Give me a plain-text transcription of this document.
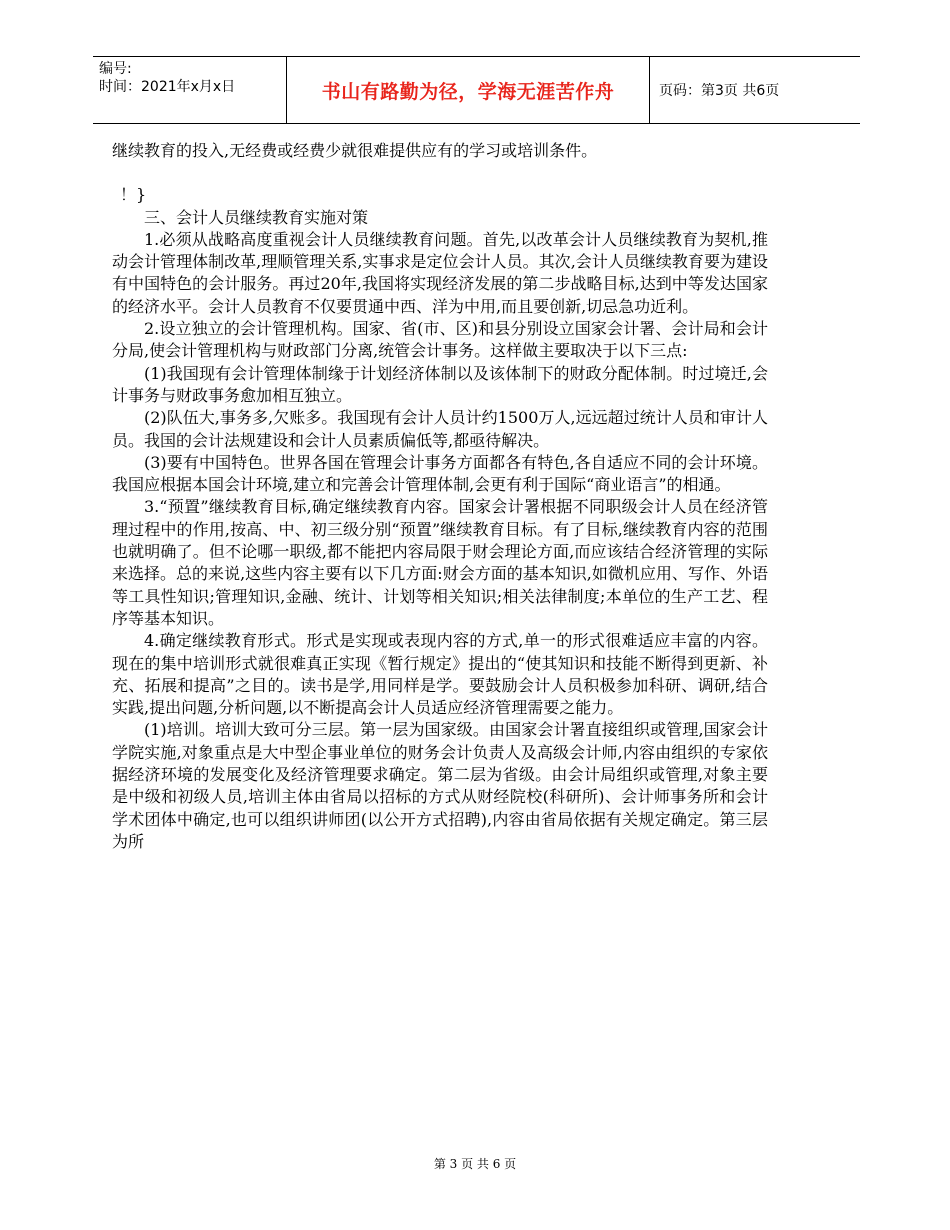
编号:
时间：2021年x月x日	书山有路勤为径，学海无涯苦作舟	页码：第3页 共6页

继续教育的投入,无经费或经费少就很难提供应有的学习或培训条件。

！}

三、会计人员继续教育实施对策

1.必须从战略高度重视会计人员继续教育问题。首先,以改革会计人员继续教育为契机,推动会计管理体制改革,理顺管理关系,实事求是定位会计人员。其次,会计人员继续教育要为建设有中国特色的会计服务。再过20年,我国将实现经济发展的第二步战略目标,达到中等发达国家的经济水平。会计人员教育不仅要贯通中西、洋为中用,而且要创新,切忌急功近利。

2.设立独立的会计管理机构。国家、省(市、区)和县分别设立国家会计署、会计局和会计分局,使会计管理机构与财政部门分离,统管会计事务。这样做主要取决于以下三点:

(1)我国现有会计管理体制缘于计划经济体制以及该体制下的财政分配体制。时过境迁,会计事务与财政事务愈加相互独立。

(2)队伍大,事务多,欠账多。我国现有会计人员计约1500万人,远远超过统计人员和审计人员。我国的会计法规建设和会计人员素质偏低等,都亟待解决。

(3)要有中国特色。世界各国在管理会计事务方面都各有特色,各自适应不同的会计环境。我国应根据本国会计环境,建立和完善会计管理体制,会更有利于国际“商业语言”的相通。

3.“预置”继续教育目标,确定继续教育内容。国家会计署根据不同职级会计人员在经济管理过程中的作用,按高、中、初三级分别“预置”继续教育目标。有了目标,继续教育内容的范围也就明确了。但不论哪一职级,都不能把内容局限于财会理论方面,而应该结合经济管理的实际来选择。总的来说,这些内容主要有以下几方面:财会方面的基本知识,如微机应用、写作、外语等工具性知识;管理知识,金融、统计、计划等相关知识;相关法律制度;本单位的生产工艺、程序等基本知识。

4.确定继续教育形式。形式是实现或表现内容的方式,单一的形式很难适应丰富的内容。现在的集中培训形式就很难真正实现《暂行规定》提出的“使其知识和技能不断得到更新、补充、拓展和提高”之目的。读书是学,用同样是学。要鼓励会计人员积极参加科研、调研,结合实践,提出问题,分析问题,以不断提高会计人员适应经济管理需要之能力。

(1)培训。培训大致可分三层。第一层为国家级。由国家会计署直接组织或管理,国家会计学院实施,对象重点是大中型企事业单位的财务会计负责人及高级会计师,内容由组织的专家依据经济环境的发展变化及经济管理要求确定。第二层为省级。由会计局组织或管理,对象主要是中级和初级人员,培训主体由省局以招标的方式从财经院校(科研所)、会计师事务所和会计学术团体中确定,也可以组织讲师团(以公开方式招聘),内容由省局依据有关规定确定。第三层为所

第 3 页 共 6 页
